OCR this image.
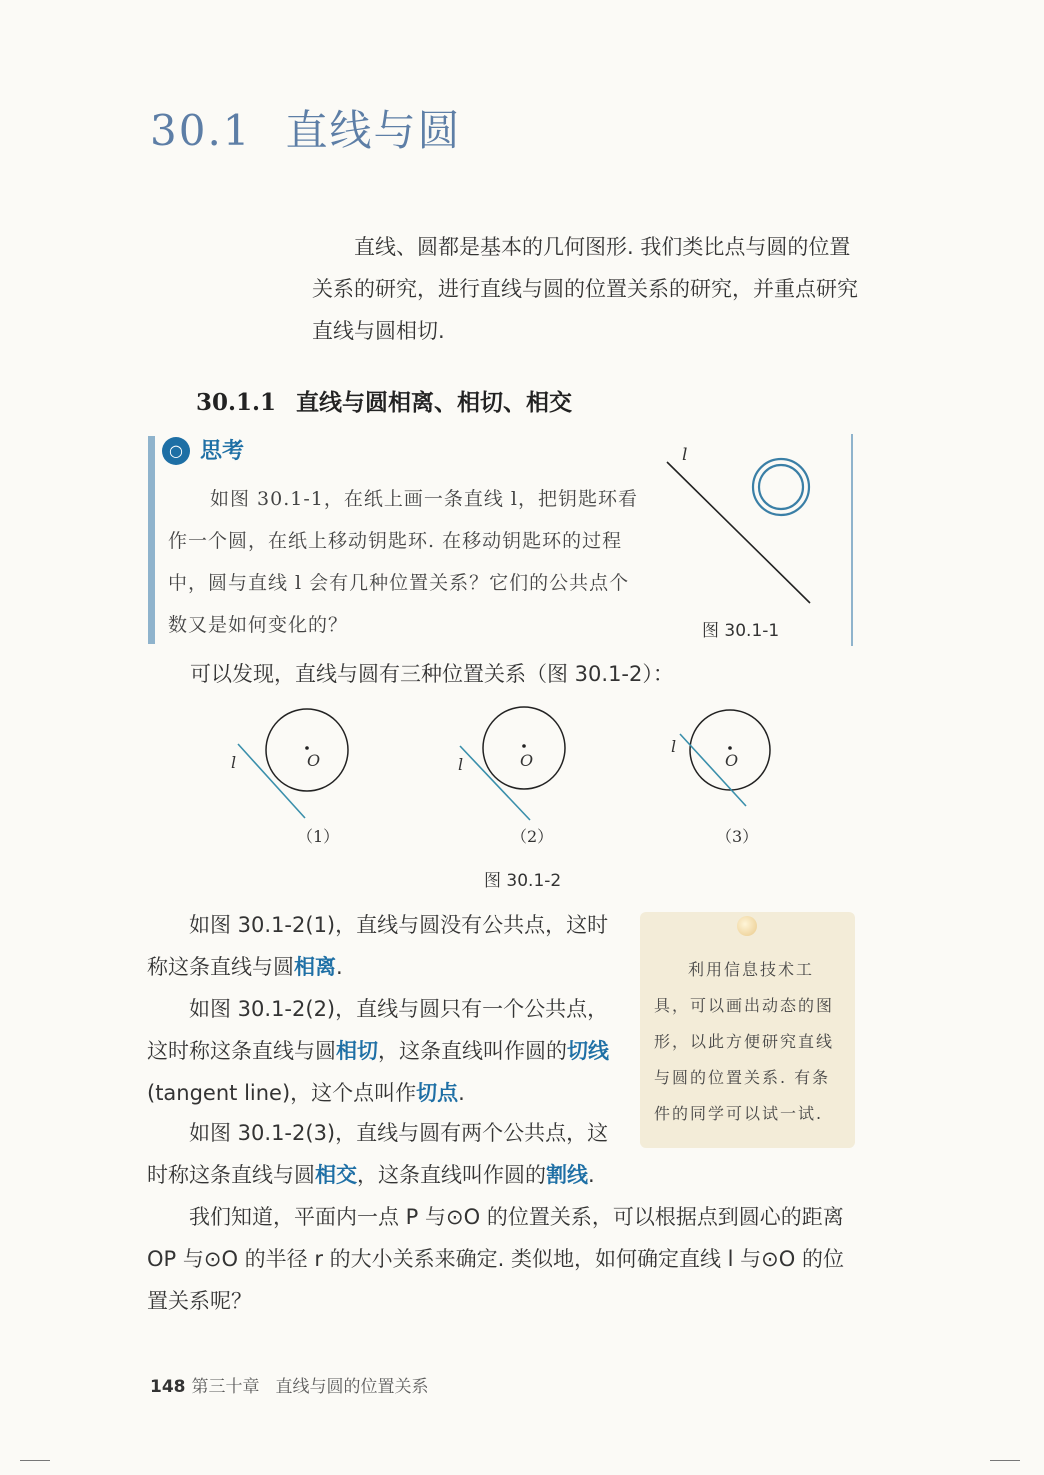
30.1 直线与圆
直线、圆都是基本的几何图形. 我们类比点与圆的位置关系的研究，进行直线与圆的位置关系的研究，并重点研究直线与圆相切.
30.1.1 直线与圆相离、相切、相交
○ 思考
如图 30.1-1，在纸上画一条直线 l，把钥匙环看作一个圆，在纸上移动钥匙环. 在移动钥匙环的过程中，圆与直线 l 会有几种位置关系？它们的公共点个数又是如何变化的？
l
图 30.1-1
可以发现，直线与圆有三种位置关系（图 30.1-2）：
O
l
（1）
O
l
（2）
O
l
（3）
图 30.1-2
如图 30.1-2(1)，直线与圆没有公共点，这时称这条直线与圆相离.
如图 30.1-2(2)，直线与圆只有一个公共点，这时称这条直线与圆相切，这条直线叫作圆的切线(tangent line)，这个点叫作切点.
如图 30.1-2(3)，直线与圆有两个公共点，这时称这条直线与圆相交，这条直线叫作圆的割线.
利用信息技术工具，可以画出动态的图形，以此方便研究直线与圆的位置关系. 有条件的同学可以试一试.
我们知道，平面内一点 P 与⊙O 的位置关系，可以根据点到圆心的距离 OP 与⊙O 的半径 r 的大小关系来确定. 类似地，如何确定直线 l 与⊙O 的位置关系呢？
148 第三十章 直线与圆的位置关系
